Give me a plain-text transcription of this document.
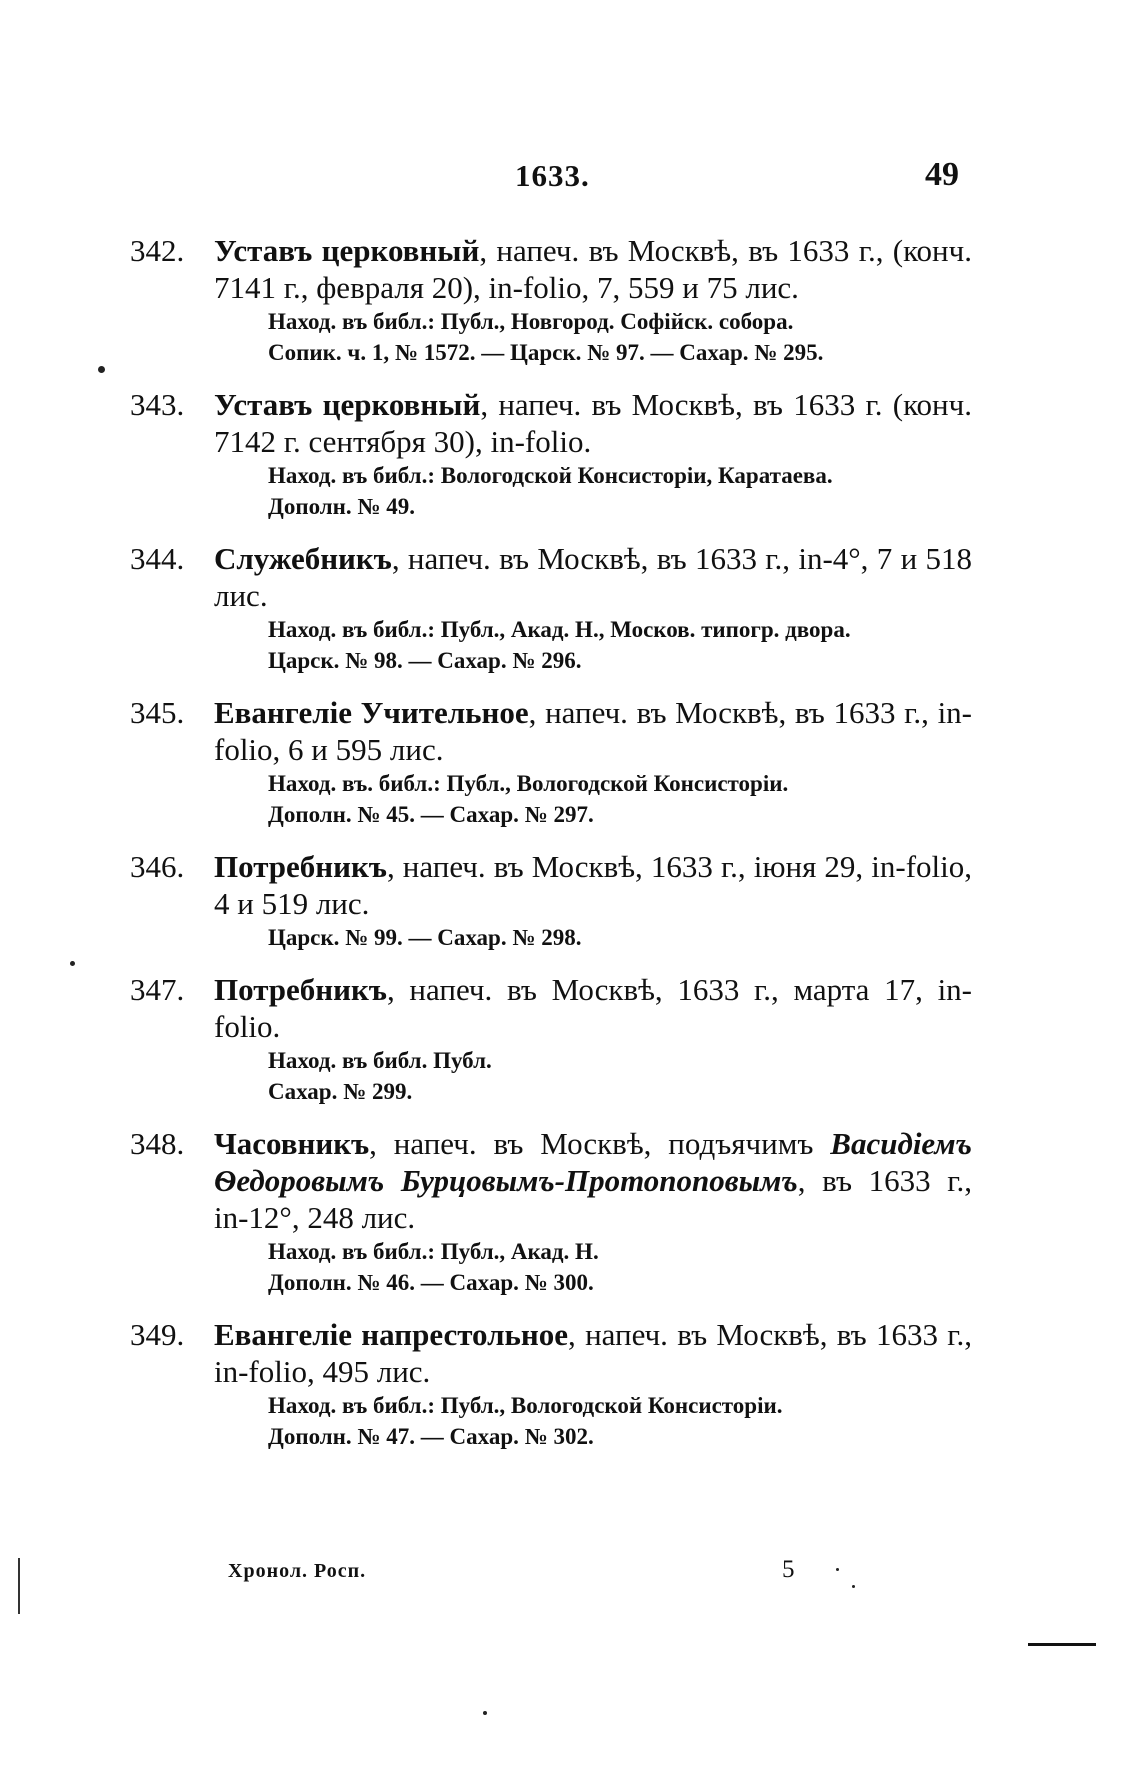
1633.	49
342. Уставъ церковный, напеч. въ Москвѣ, въ 1633 г., (конч. 7141 г., февраля 20), in-folio, 7, 559 и 75 лис.
Наход. въ библ.: Публ., Новгород. Софійск. собора.
Сопик. ч. 1, № 1572. — Царск. № 97. — Сахар. № 295.
343. Уставъ церковный, напеч. въ Москвѣ, въ 1633 г. (конч. 7142 г. сентября 30), in-folio.
Наход. въ библ.: Вологодской Консисторіи, Каратаева.
Дополн. № 49.
344. Служебникъ, напеч. въ Москвѣ, въ 1633 г., in-4°, 7 и 518 лис.
Наход. въ библ.: Публ., Акад. Н., Москов. типогр. двора.
Царск. № 98. — Сахар. № 296.
345. Евангеліе Учительное, напеч. въ Москвѣ, въ 1633 г., in-folio, 6 и 595 лис.
Наход. въ. библ.: Публ., Вологодской Консисторіи.
Дополн. № 45. — Сахар. № 297.
346. Потребникъ, напеч. въ Москвѣ, 1633 г., іюня 29, in-folio, 4 и 519 лис.
Царск. № 99. — Сахар. № 298.
347. Потребникъ, напеч. въ Москвѣ, 1633 г., марта 17, in-folio.
Наход. въ библ. Публ.
Сахар. № 299.
348. Часовникъ, напеч. въ Москвѣ, подъячимъ Васидіемъ Ѳедоровымъ Бурцовымъ-Протопоповымъ, въ 1633 г., in-12°, 248 лис.
Наход. въ библ.: Публ., Акад. Н.
Дополн. № 46. — Сахар. № 300.
349. Евангеліе напрестольное, напеч. въ Москвѣ, въ 1633 г., in-folio, 495 лис.
Наход. въ библ.: Публ., Вологодской Консисторіи.
Дополн. № 47. — Сахар. № 302.
Хронол. Росп.	5
